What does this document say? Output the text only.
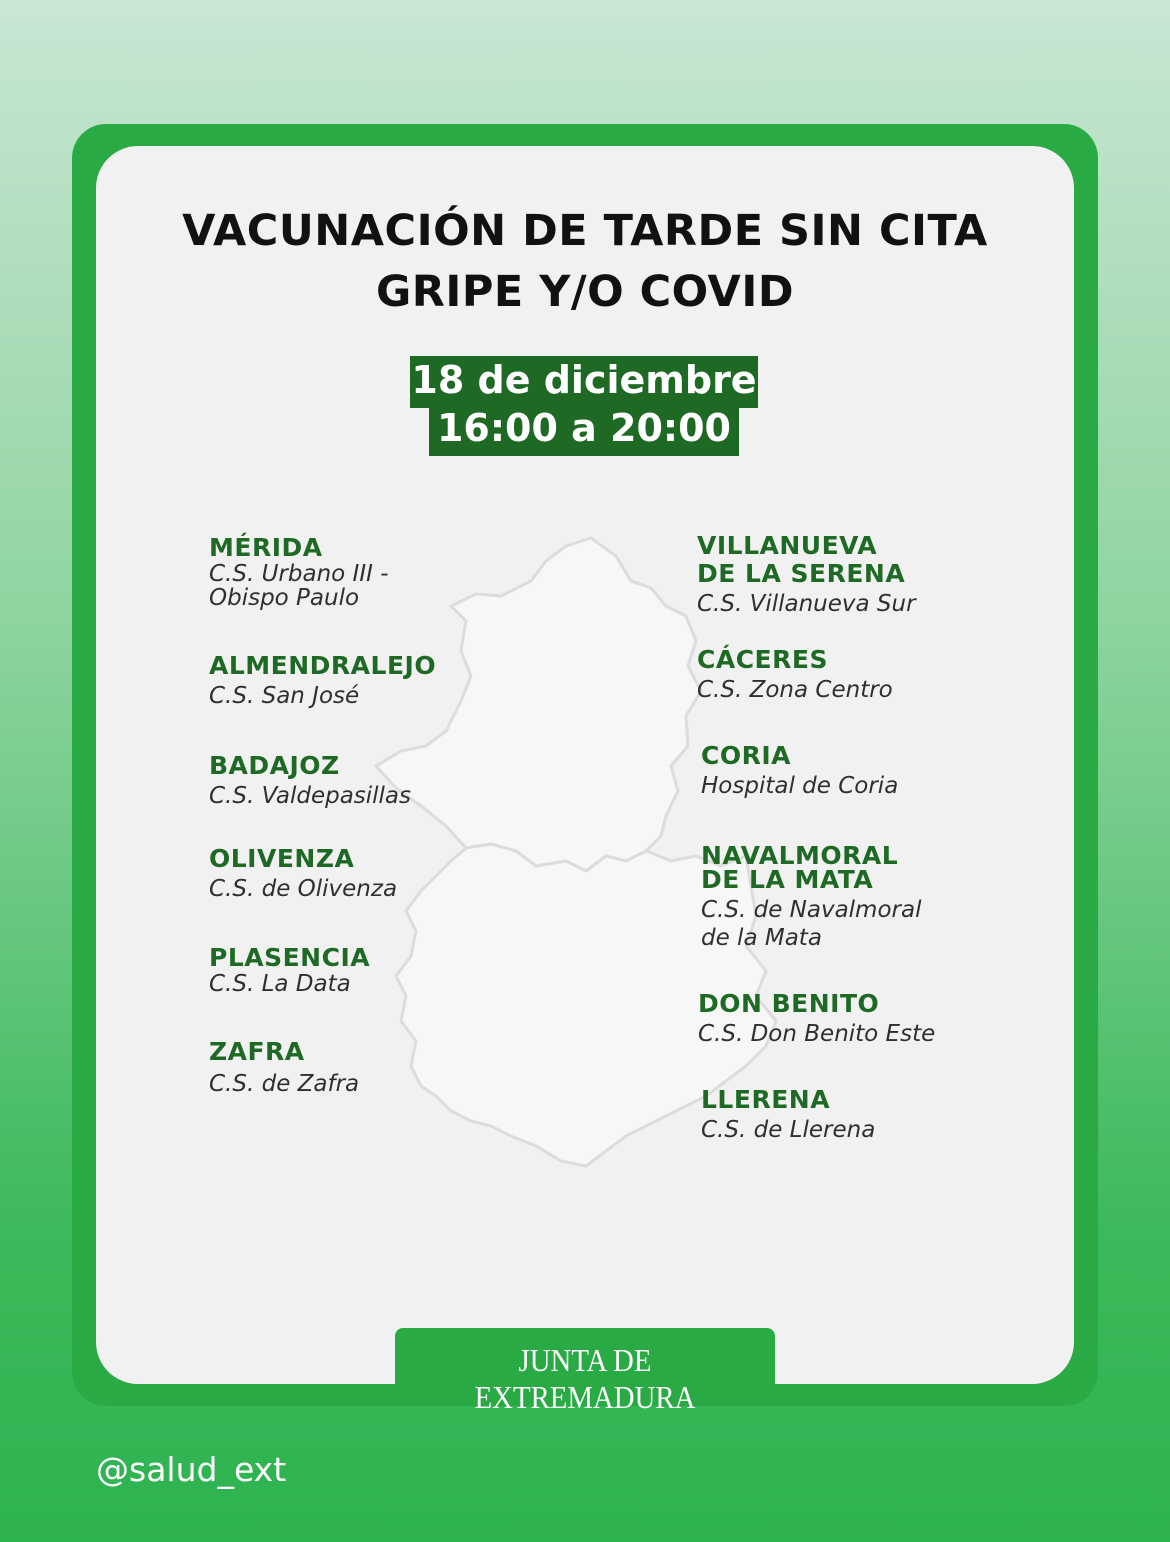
VACUNACIÓN DE TARDE SIN CITA
GRIPE Y/O COVID
18 de diciembre
16:00 a 20:00
MÉRIDA
C.S. Urbano III -
Obispo Paulo
ALMENDRALEJO
C.S. San José
BADAJOZ
C.S. Valdepasillas
OLIVENZA
C.S. de Olivenza
PLASENCIA
C.S. La Data
ZAFRA
C.S. de Zafra
VILLANUEVA
DE LA SERENA
C.S. Villanueva Sur
CÁCERES
C.S. Zona Centro
CORIA
Hospital de Coria
NAVALMORAL
DE LA MATA
C.S. de Navalmoral
de la Mata
DON BENITO
C.S. Don Benito Este
LLERENA
C.S. de Llerena
JUNTA DE EXTREMADURA
@salud_ext
